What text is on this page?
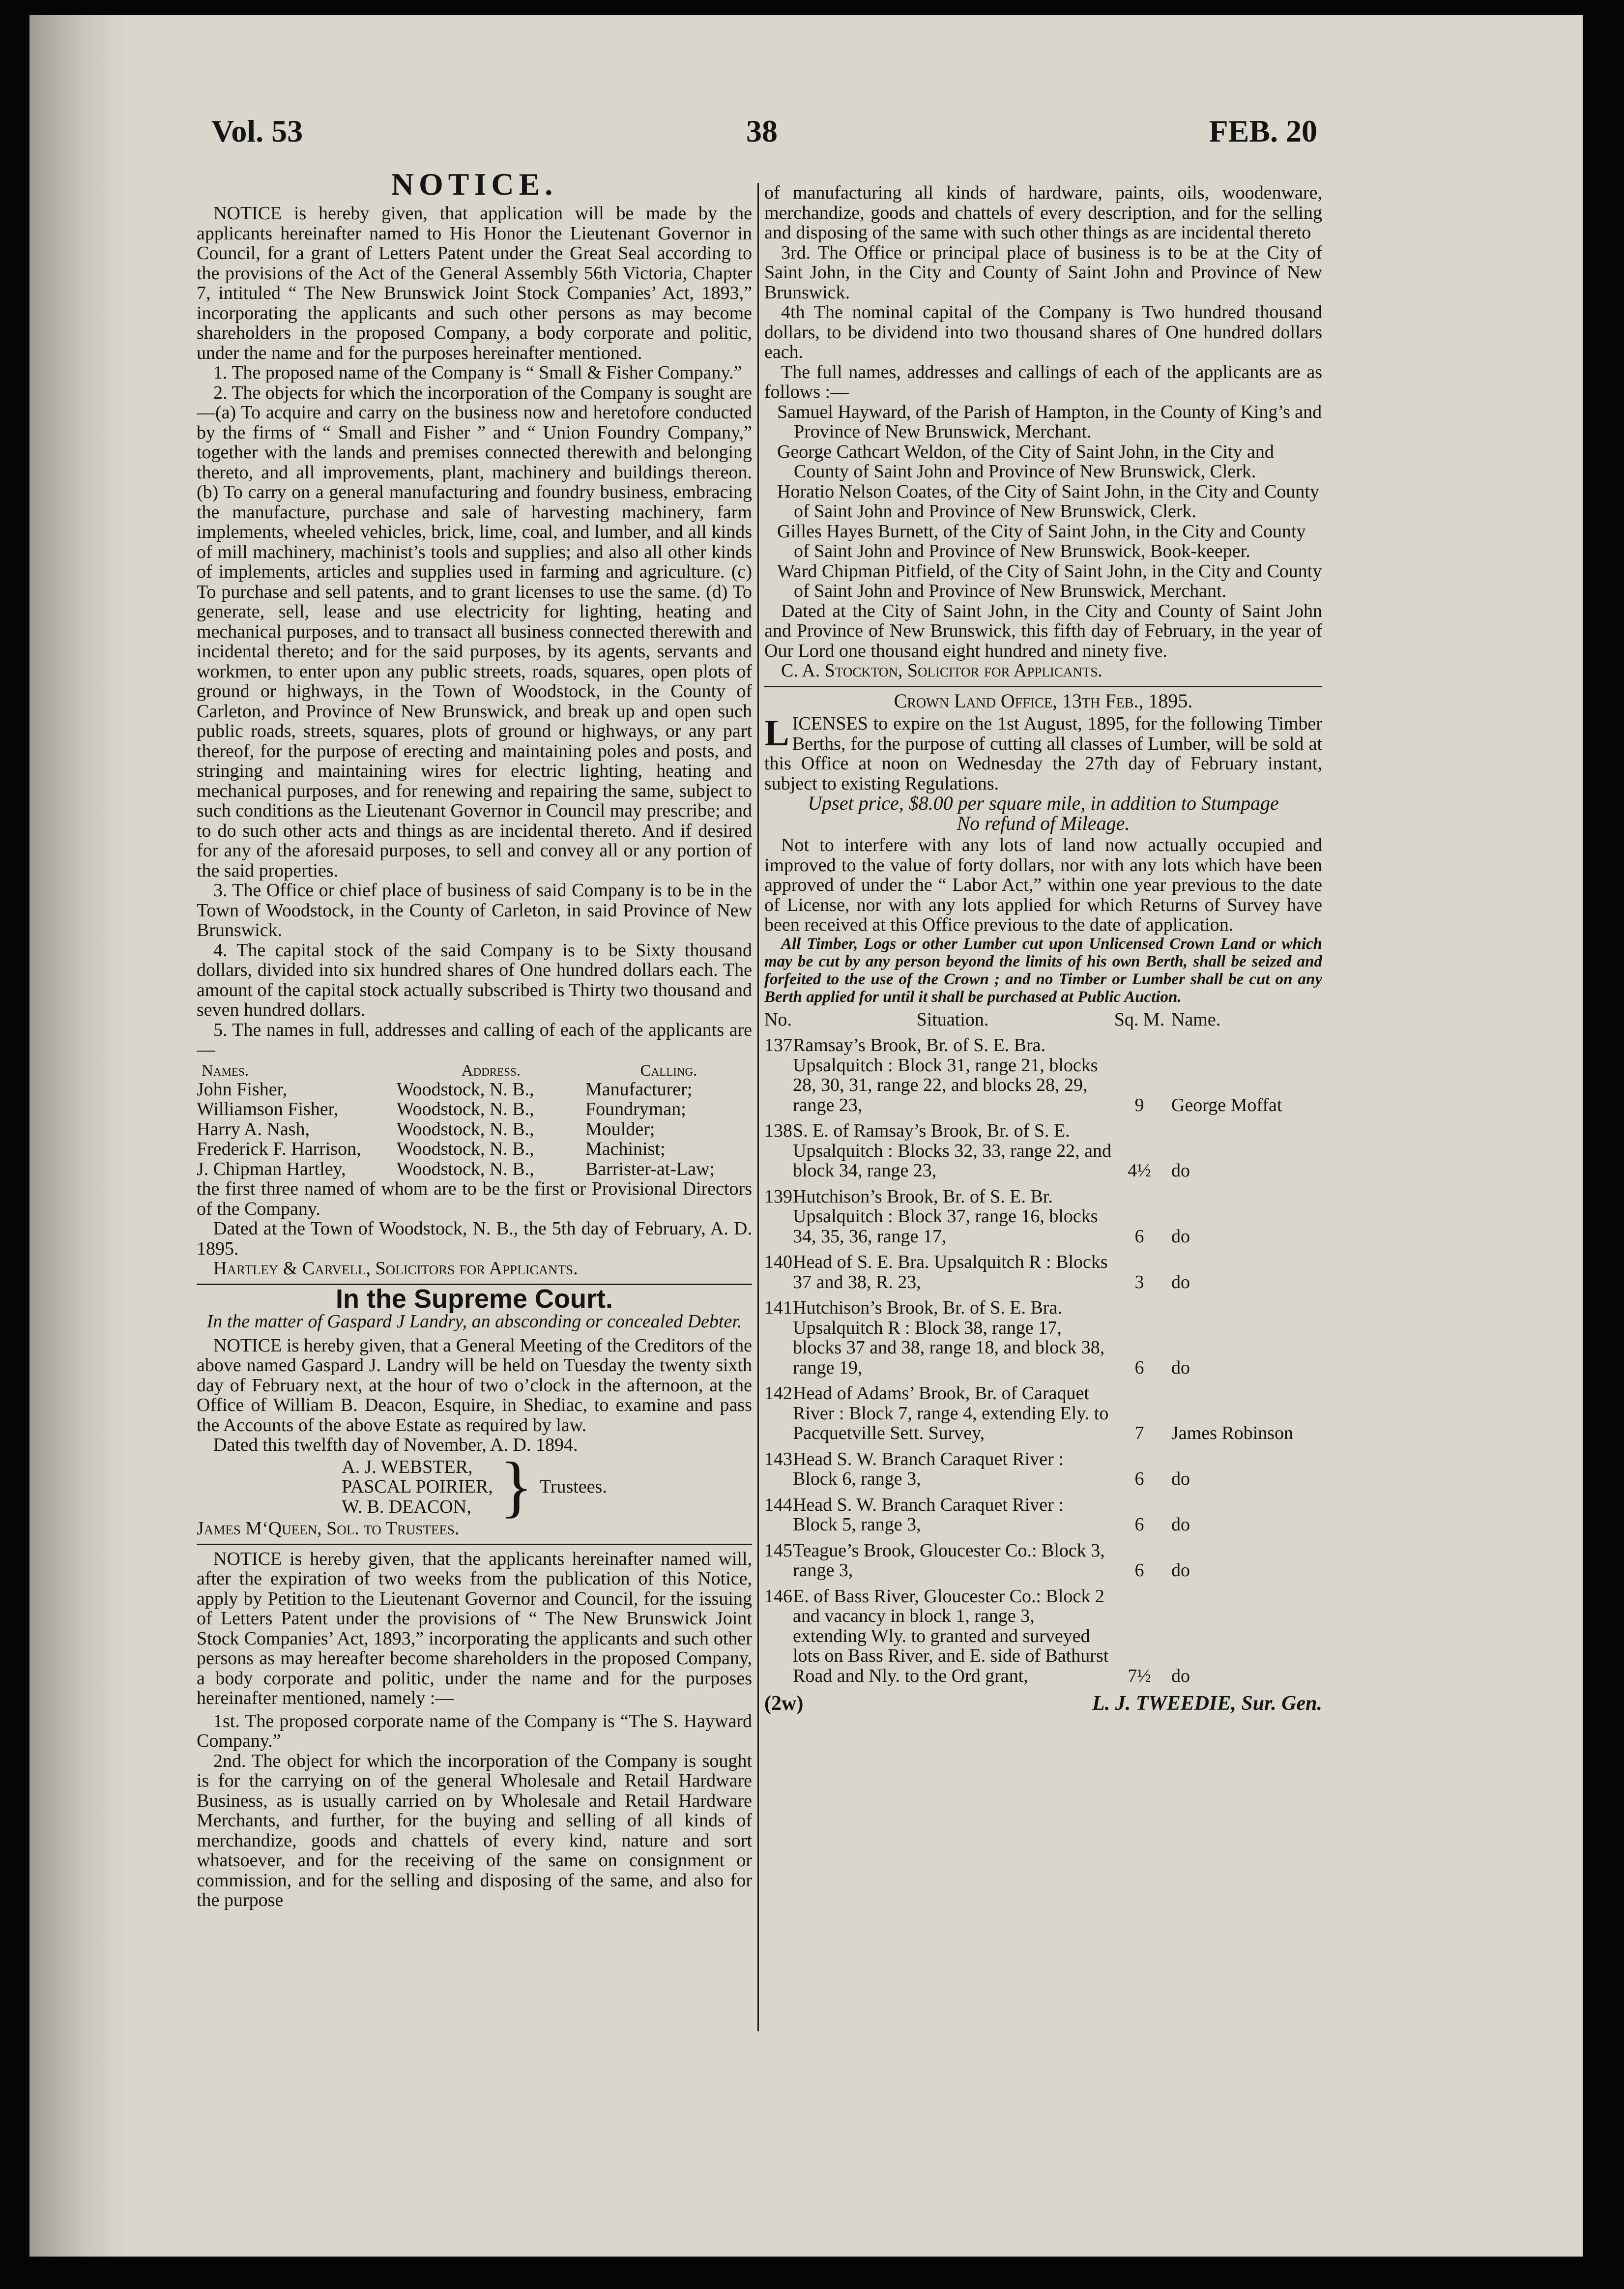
Vol. 53	38	FEB. 20
NOTICE.

NOTICE is hereby given, that application will be made by the applicants hereinafter named to His Honor the Lieutenant Governor in Council, for a grant of Letters Patent under the Great Seal according to the provisions of the Act of the General Assembly 56th Victoria, Chapter 7, intituled “ The New Brunswick Joint Stock Companies’ Act, 1893,” incorporating the applicants and such other persons as may become shareholders in the proposed Company, a body corporate and politic, under the name and for the purposes hereinafter mentioned.

1. The proposed name of the Company is “ Small & Fisher Company.”

2. The objects for which the incorporation of the Company is sought are—(a) To acquire and carry on the business now and heretofore conducted by the firms of “ Small and Fisher ” and “ Union Foundry Company,” together with the lands and premises connected therewith and belonging thereto, and all improvements, plant, machinery and buildings thereon. (b) To carry on a general manufacturing and foundry business, embracing the manufacture, purchase and sale of harvesting machinery, farm implements, wheeled vehicles, brick, lime, coal, and lumber, and all kinds of mill machinery, machinist’s tools and supplies; and also all other kinds of implements, articles and supplies used in farming and agriculture. (c) To purchase and sell patents, and to grant licenses to use the same. (d) To generate, sell, lease and use electricity for lighting, heating and mechanical purposes, and to transact all business connected therewith and incidental thereto; and for the said purposes, by its agents, servants and workmen, to enter upon any public streets, roads, squares, open plots of ground or highways, in the Town of Woodstock, in the County of Carleton, and Province of New Brunswick, and break up and open such public roads, streets, squares, plots of ground or highways, or any part thereof, for the purpose of erecting and maintaining poles and posts, and stringing and maintaining wires for electric lighting, heating and mechanical purposes, and for renewing and repairing the same, subject to such conditions as the Lieutenant Governor in Council may prescribe; and to do such other acts and things as are incidental thereto. And if desired for any of the aforesaid purposes, to sell and convey all or any portion of the said properties.

3. The Office or chief place of business of said Company is to be in the Town of Woodstock, in the County of Carleton, in said Province of New Brunswick.

4. The capital stock of the said Company is to be Sixty thousand dollars, divided into six hundred shares of One hundred dollars each. The amount of the capital stock actually subscribed is Thirty two thousand and seven hundred dollars.

5. The names in full, addresses and calling of each of the applicants are—

Names.	Address.	Calling.
John Fisher,	Woodstock, N. B.,	Manufacturer;
Williamson Fisher,	Woodstock, N. B.,	Foundryman;
Harry A. Nash,	Woodstock, N. B.,	Moulder;
Frederick F. Harrison,	Woodstock, N. B.,	Machinist;
J. Chipman Hartley,	Woodstock, N. B.,	Barrister-at-Law;

the first three named of whom are to be the first or Provisional Directors of the Company.

Dated at the Town of Woodstock, N. B., the 5th day of February, A. D. 1895.

Hartley & Carvell, Solicitors for Applicants.

In the Supreme Court.

In the matter of Gaspard J Landry, an absconding or concealed Debter.

NOTICE is hereby given, that a General Meeting of the Creditors of the above named Gaspard J. Landry will be held on Tuesday the twenty sixth day of February next, at the hour of two o’clock in the afternoon, at the Office of William B. Deacon, Esquire, in Shediac, to examine and pass the Accounts of the above Estate as required by law.

Dated this twelfth day of November, A. D. 1894.

A. J. WEBSTER,
PASCAL POIRIER,
W. B. DEACON, } Trustees.

James M‘Queen, Sol. to Trustees.

NOTICE is hereby given, that the applicants hereinafter named will, after the expiration of two weeks from the publication of this Notice, apply by Petition to the Lieutenant Governor and Council, for the issuing of Letters Patent under the provisions of “ The New Brunswick Joint Stock Companies’ Act, 1893,” incorporating the applicants and such other persons as may hereafter become shareholders in the proposed Company, a body corporate and politic, under the name and for the purposes hereinafter mentioned, namely :—

1st. The proposed corporate name of the Company is “The S. Hayward Company.”

2nd. The object for which the incorporation of the Company is sought is for the carrying on of the general Wholesale and Retail Hardware Business, as is usually carried on by Wholesale and Retail Hardware Merchants, and further, for the buying and selling of all kinds of merchandize, goods and chattels of every kind, nature and sort whatsoever, and for the receiving of the same on consignment or commission, and for the selling and disposing of the same, and also for the purpose

of manufacturing all kinds of hardware, paints, oils, woodenware, merchandize, goods and chattels of every description, and for the selling and disposing of the same with such other things as are incidental thereto

3rd. The Office or principal place of business is to be at the City of Saint John, in the City and County of Saint John and Province of New Brunswick.

4th The nominal capital of the Company is Two hundred thousand dollars, to be dividend into two thousand shares of One hundred dollars each.

The full names, addresses and callings of each of the applicants are as follows :—

Samuel Hayward, of the Parish of Hampton, in the County of King’s and Province of New Brunswick, Merchant.

George Cathcart Weldon, of the City of Saint John, in the City and County of Saint John and Province of New Brunswick, Clerk.

Horatio Nelson Coates, of the City of Saint John, in the City and County of Saint John and Province of New Brunswick, Clerk.

Gilles Hayes Burnett, of the City of Saint John, in the City and County of Saint John and Province of New Brunswick, Book-keeper.

Ward Chipman Pitfield, of the City of Saint John, in the City and County of Saint John and Province of New Brunswick, Merchant.

Dated at the City of Saint John, in the City and County of Saint John and Province of New Brunswick, this fifth day of February, in the year of Our Lord one thousand eight hundred and ninety five.

C. A. Stockton, Solicitor for Applicants.

Crown Land Office, 13th Feb., 1895.

LICENSES to expire on the 1st August, 1895, for the following Timber Berths, for the purpose of cutting all classes of Lumber, will be sold at this Office at noon on Wednesday the 27th day of February instant, subject to existing Regulations.

Upset price, $8.00 per square mile, in addition to Stumpage

No refund of Mileage.

Not to interfere with any lots of land now actually occupied and improved to the value of forty dollars, nor with any lots which have been approved of under the “ Labor Act,” within one year previous to the date of License, nor with any lots applied for which Returns of Survey have been received at this Office previous to the date of application.

All Timber, Logs or other Lumber cut upon Unlicensed Crown Land or which may be cut by any person beyond the limits of his own Berth, shall be seized and forfeited to the use of the Crown ; and no Timber or Lumber shall be cut on any Berth applied for until it shall be purchased at Public Auction.

No.	Situation.	Sq. M.	Name.
137	Ramsay’s Brook, Br. of S. E. Bra. Upsalquitch : Block 31, range 21, blocks 28, 30, 31, range 22, and blocks 28, 29, range 23,	9	George Moffat
138	S. E. of Ramsay’s Brook, Br. of S. E. Upsalquitch : Blocks 32, 33, range 22, and block 34, range 23,	4½	do
139	Hutchison’s Brook, Br. of S. E. Br. Upsalquitch : Block 37, range 16, blocks 34, 35, 36, range 17,	6	do
140	Head of S. E. Bra. Upsalquitch R : Blocks 37 and 38, R. 23,	3	do
141	Hutchison’s Brook, Br. of S. E. Bra. Upsalquitch R : Block 38, range 17, blocks 37 and 38, range 18, and block 38, range 19,	6	do
142	Head of Adams’ Brook, Br. of Caraquet River : Block 7, range 4, extending Ely. to Pacquetville Sett. Survey,	7	James Robinson
143	Head S. W. Branch Caraquet River : Block 6, range 3,	6	do
144	Head S. W. Branch Caraquet River : Block 5, range 3,	6	do
145	Teague’s Brook, Gloucester Co.: Block 3, range 3,	6	do
146	E. of Bass River, Gloucester Co.: Block 2 and vacancy in block 1, range 3, extending Wly. to granted and surveyed lots on Bass River, and E. side of Bathurst Road and Nly. to the Ord grant,	7½	do
(2w)	L. J. TWEEDIE, Sur. Gen.
